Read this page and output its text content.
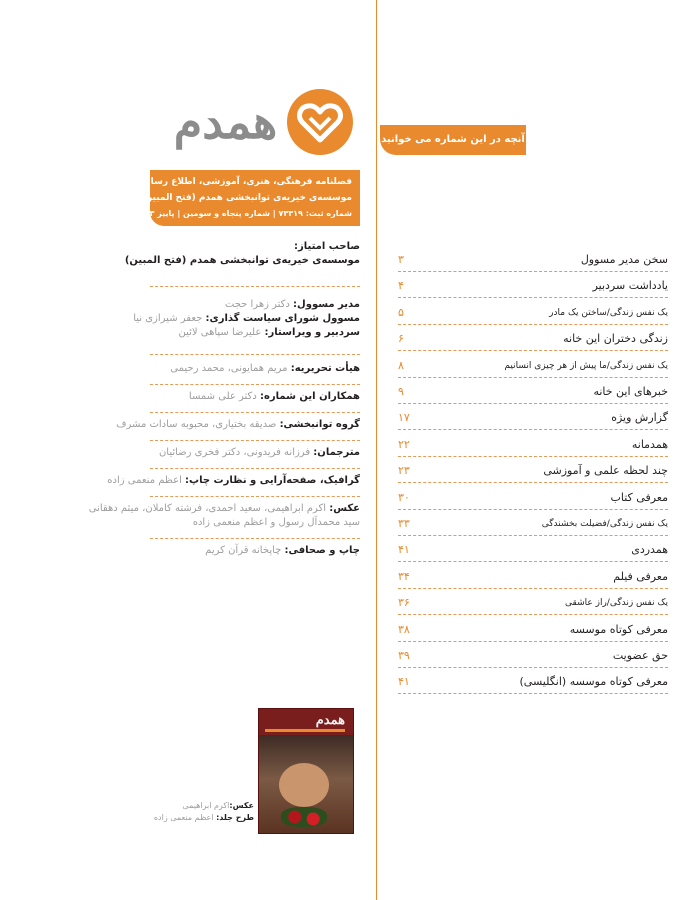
همدم
فصلنامه فرهنگی، هنری، آموزشی، اطلاع رسانی
موسسه‌ی خیریه‌ی توانبخشی همدم (فتح المبین)
شماره ثبت: ۷۳۳۱۹ | شماره پنجاه و سومین | پاییز ۱۴۰۳
صاحب امتیاز:
موسسه‌ی خیریه‌ی توانبخشی همدم (فتح المبین)
مدیر مسوول: دکتر زهرا حجت
مسوول شورای سیاست گذاری: جعفر شیرازی نیا
سردبیر و ویراستار: علیرضا سپاهی لائین
هیأت تحریریه: مریم همایونی، محمد رحیمی
همکاران این شماره: دکتر علی شمسا
گروه توانبخشی: صدیقه بختیاری، محبوبه سادات مشرف
مترجمان: فرزانه فریدونی، دکتر فخری رضائیان
گرافیک، صفحه‌آرایی و نظارت چاپ: اعظم منعمی زاده
عکس: اکرم ابراهیمی، سعید احمدی، فرشته کاملان، میثم دهقانی
سید محمدآل رسول و اعظم منعمی زاده
چاپ و صحافی: چاپخانه قرآن کریم
همدم
عکس:اکرم ابراهیمی
طرح جلد: اعظم منعمی زاده
آنچه در این شماره می خوانید
سخن مدیر مسوول
۳
یادداشت سردبیر
۴
یک نفس زندگی/ساختن یک مادر
۵
زندگی دختران این خانه
۶
یک نفس زندگی/ما پیش از هر چیزی انسانیم
۸
خبرهای این خانه
۹
گزارش ویژه
۱۷
همدمانه
۲۲
چند لحظه علمی و آموزشی
۲۳
معرفی کتاب
۳۰
یک نفس زندگی/فضیلت بخشندگی
۳۳
همدردی
۴۱
معرفی فیلم
۳۴
یک نفس زندگی/راز عاشقی
۳۶
معرفی کوتاه موسسه
۳۸
حق عضویت
۳۹
معرفی کوتاه موسسه (انگلیسی)
۴۱
